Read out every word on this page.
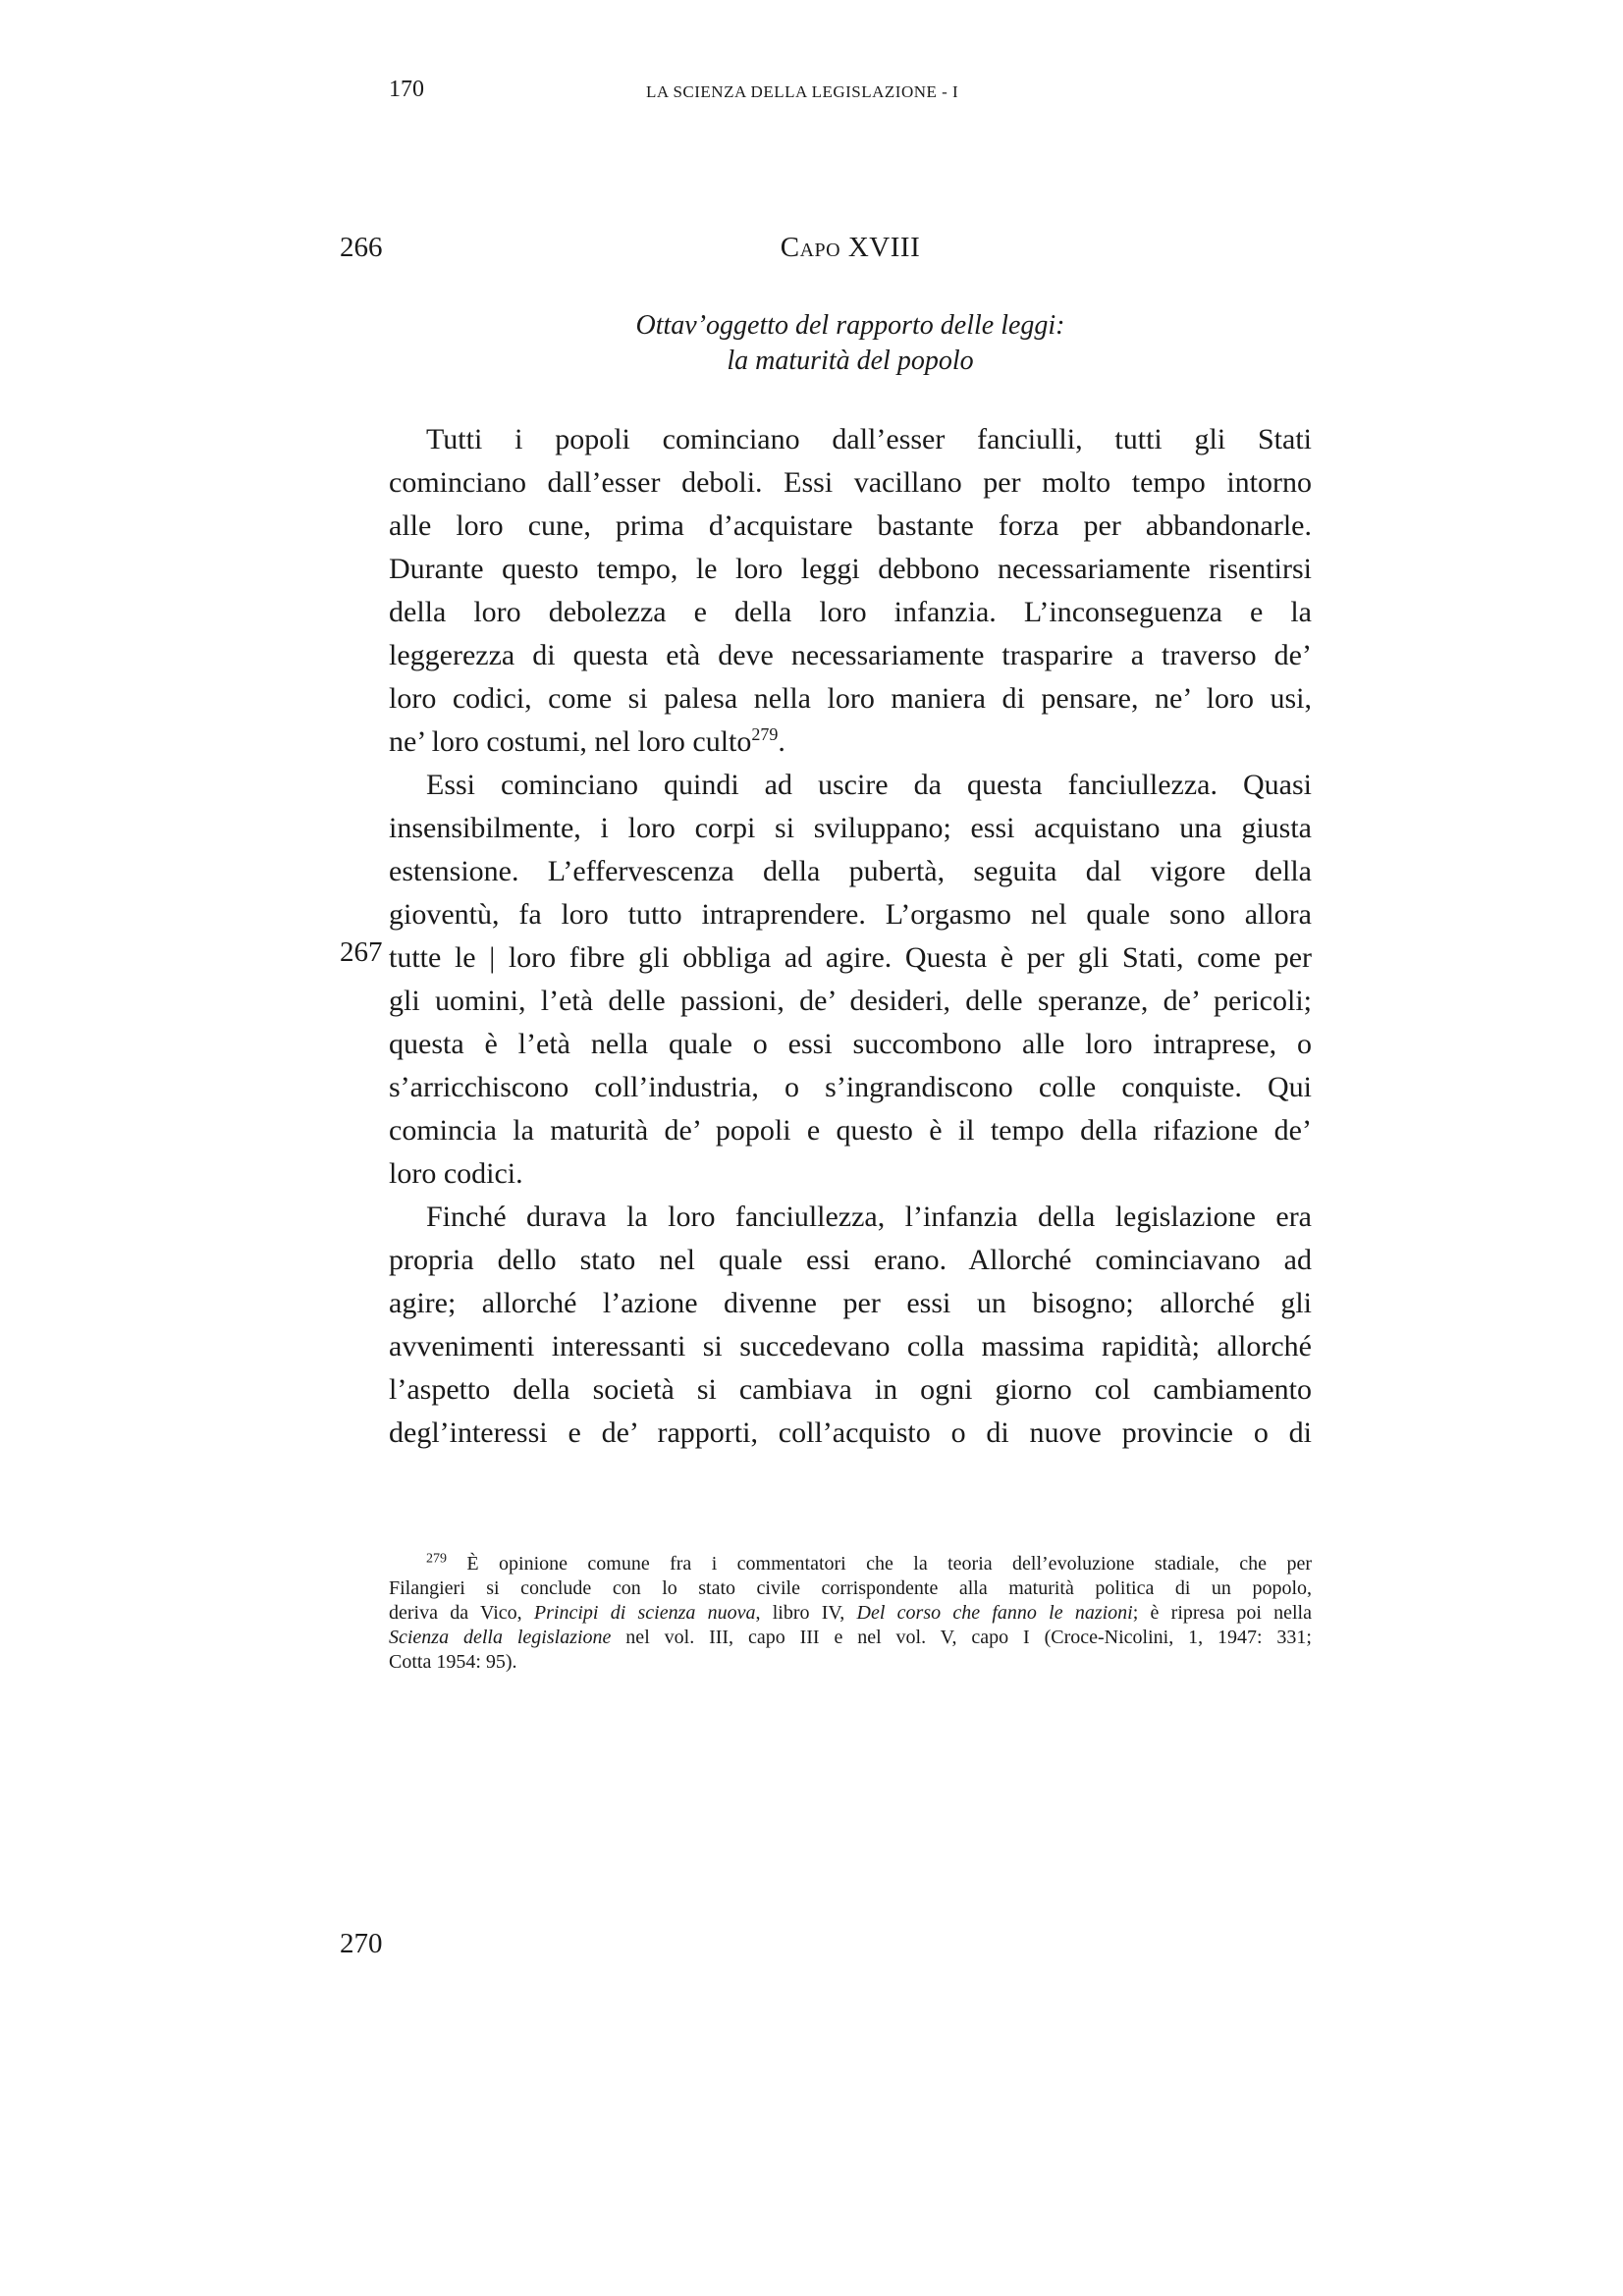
170	LA SCIENZA DELLA LEGISLAZIONE - I
266
267
270
Capo XVIII
Ottav’oggetto del rapporto delle leggi:
la maturità del popolo
Tutti i popoli cominciano dall’esser fanciulli, tutti gli Stati
cominciano dall’esser deboli. Essi vacillano per molto tempo intorno
alle loro cune, prima d’acquistare bastante forza per abbandonarle.
Durante questo tempo, le loro leggi debbono necessariamente risentirsi
della loro debolezza e della loro infanzia. L’inconseguenza e la
leggerezza di questa età deve necessariamente trasparire a traverso de’
loro codici, come si palesa nella loro maniera di pensare, ne’ loro usi,
ne’ loro costumi, nel loro culto$^{279}$.
Essi cominciano quindi ad uscire da questa fanciullezza. Quasi
insensibilmente, i loro corpi si sviluppano; essi acquistano una giusta
estensione. L’effervescenza della pubertà, seguita dal vigore della
gioventù, fa loro tutto intraprendere. L’orgasmo nel quale sono allora
tutte le | loro fibre gli obbliga ad agire. Questa è per gli Stati, come per
gli uomini, l’età delle passioni, de’ desideri, delle speranze, de’ pericoli;
questa è l’età nella quale o essi succombono alle loro intraprese, o
s’arricchiscono coll’industria, o s’ingrandiscono colle conquiste. Qui
comincia la maturità de’ popoli e questo è il tempo della rifazione de’
loro codici.
Finché durava la loro fanciullezza, l’infanzia della legislazione era
propria dello stato nel quale essi erano. Allorché cominciavano ad
agire; allorché l’azione divenne per essi un bisogno; allorché gli
avvenimenti interessanti si succedevano colla massima rapidità; allorché
l’aspetto della società si cambiava in ogni giorno col cambiamento
degl’interessi e de’ rapporti, coll’acquisto o di nuove provincie o di
$^{279}$ È opinione comune fra i commentatori che la teoria dell’evoluzione stadiale, che per
Filangieri si conclude con lo stato civile corrispondente alla maturità politica di un popolo,
deriva da Vico, Principi di scienza nuova, libro IV, Del corso che fanno le nazioni; è ripresa poi nella
Scienza della legislazione nel vol. III, capo III e nel vol. V, capo I (Croce-Nicolini, 1, 1947: 331;
Cotta 1954: 95).
